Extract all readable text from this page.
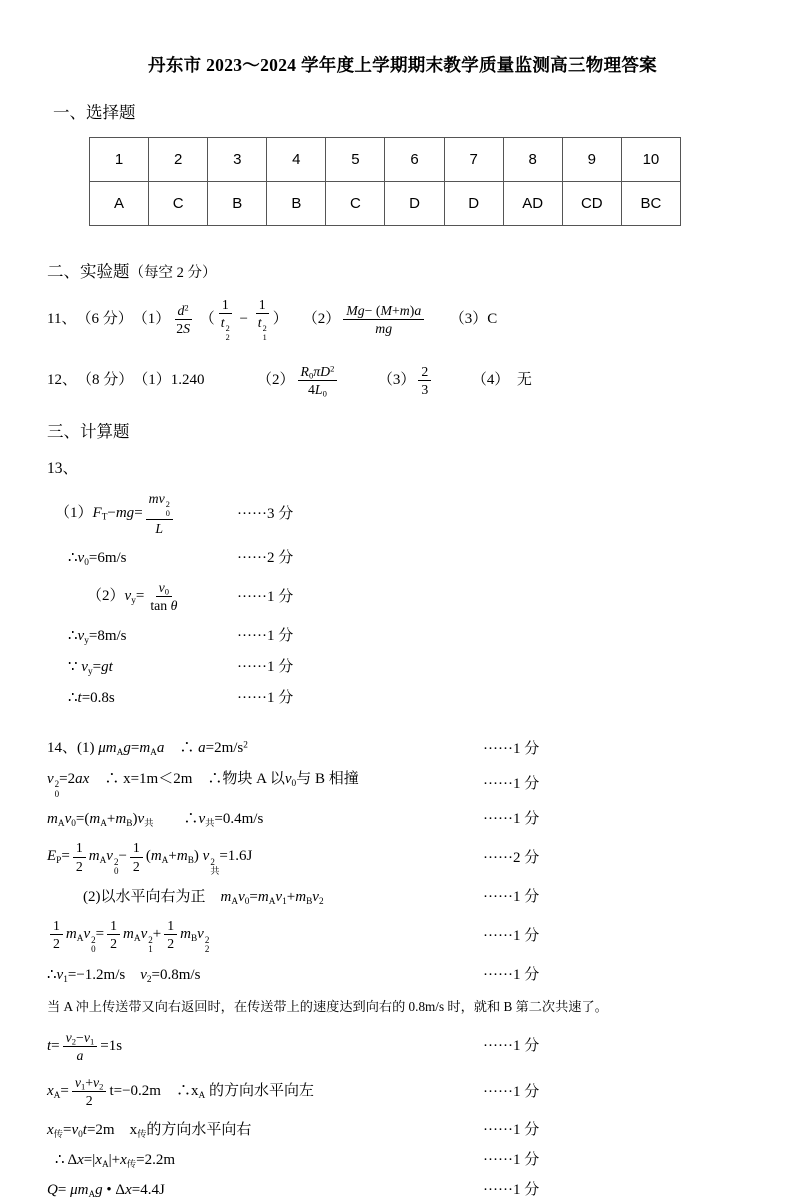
丹东市 2023～2024 学年度上学期期末教学质量监测高三物理答案

一、选择题

1	2	3	4	5	6	7	8	9	10
A	C	B	B	C	D	D	AD	CD	BC

二、实验题（每空 2 分）

11、　（6 分）　$(1) \frac{d^2}{2S}$ （ 1
t 2
2 − 1
t 2
1 ）　　$(2) \frac{Mg- (M+m)a}{mg}$ 　　（3）C
12、　（8 分）　（1）1.240　　　　$(2) \frac{R_0\pi D^2}{4L_0}$ 　　　$(3) \frac{2}{3}$ 　　　（4）　无

三、计算题

13、

$(1)F_T-mg=$ mv 2
0
L	······3 分
$\therefore v_0=6m/s$	······2 分
$(2)v_y= \frac{v_0}{\text{tan θ}}$	······1 分
$\therefore v_y=8m/s$	······1 分
∵ $v_y=gt$	······1 分
∴t=0.8s	······1 分
14、(1) $\mu m_Ag=m_Aa$　∴ $a=2m/s^2$	······1 分
v 2
0
=2ax　∴ x=1m＜2m　∴物块 A 以$v_0$与 B 相撞	······1 分
$m_Av_0=(m_A+m_B)v_共$　　$\therefore v_共=0.4m/s$	······1 分
$E_P= \frac{1}{2} m_Av$ 2
0
− $\frac{1}{2} (m_A+m_B)$ v 2
共
=1.6J	······2 分
(2)以水平向右为正　$m_Av_0=m_Av_1+m_Bv_2$	······1 分
$\frac{1}{2} m_Av$ 2
0
= $\frac{1}{2} m_Av$ 2
1
+ $\frac{1}{2} m_Bv$ 2
2
······1 分
$\therefore v_1=-1.2m/s$　$v_2=0.8m/s$	······1 分
当 A 冲上传送带又向右返回时，在传送带上的速度达到向右的 0.8m/s 时，就和 B 第二次共速了。
$t= \frac{v_2-v_1}{a} =1s$	······1 分
$x_A= \frac{v_1+v_2}{2} t=-0.2m$　$\therefore x_A$ 的方向水平向左	······1 分
$x_传=v_0t=2m$　$x_传$的方向水平向右	······1 分
∴ $\Delta x=|x_A|+x_传=2.2m$	······1 分
$Q= \mu m_Ag$ • Δx=4.4J	······1 分
